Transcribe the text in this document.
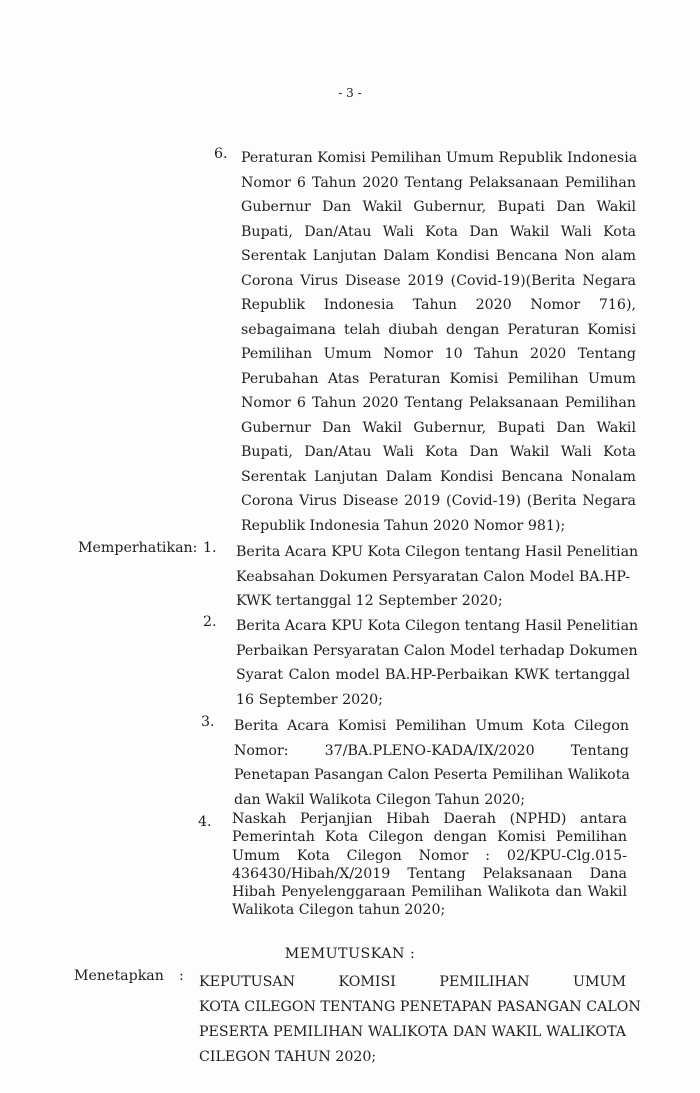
- 3 -
6. Peraturan Komisi Pemilihan Umum Republik Indonesia
Nomor 6 Tahun 2020 Tentang Pelaksanaan Pemilihan
Gubernur Dan Wakil Gubernur, Bupati Dan Wakil
Bupati, Dan/Atau Wali Kota Dan Wakil Wali Kota
Serentak Lanjutan Dalam Kondisi Bencana Non alam
Corona Virus Disease 2019 (Covid-19)(Berita Negara
Republik Indonesia Tahun 2020 Nomor 716),
sebagaimana telah diubah dengan Peraturan Komisi
Pemilihan Umum Nomor 10 Tahun 2020 Tentang
Perubahan Atas Peraturan Komisi Pemilihan Umum
Nomor 6 Tahun 2020 Tentang Pelaksanaan Pemilihan
Gubernur Dan Wakil Gubernur, Bupati Dan Wakil
Bupati, Dan/Atau Wali Kota Dan Wakil Wali Kota
Serentak Lanjutan Dalam Kondisi Bencana Nonalam
Corona Virus Disease 2019 (Covid-19) (Berita Negara
Republik Indonesia Tahun 2020 Nomor 981);
Memperhatikan: 1. Berita Acara KPU Kota Cilegon tentang Hasil Penelitian
Keabsahan Dokumen Persyaratan Calon Model BA.HP-
KWK tertanggal 12 September 2020;
2. Berita Acara KPU Kota Cilegon tentang Hasil Penelitian
Perbaikan Persyaratan Calon Model terhadap Dokumen
Syarat Calon model BA.HP-Perbaikan KWK tertanggal
16 September 2020;
3. Berita Acara Komisi Pemilihan Umum Kota Cilegon
Nomor: 37/BA.PLENO-KADA/IX/2020 Tentang
Penetapan Pasangan Calon Peserta Pemilihan Walikota
dan Wakil Walikota Cilegon Tahun 2020;
4. Naskah Perjanjian Hibah Daerah (NPHD) antara
Pemerintah Kota Cilegon dengan Komisi Pemilihan
Umum Kota Cilegon Nomor : 02/KPU-Clg.015-
436430/Hibah/X/2019 Tentang Pelaksanaan Dana
Hibah Penyelenggaraan Pemilihan Walikota dan Wakil
Walikota Cilegon tahun 2020;
MEMUTUSKAN :
Menetapkan : KEPUTUSAN KOMISI PEMILIHAN UMUM
KOTA CILEGON TENTANG PENETAPAN PASANGAN CALON
PESERTA PEMILIHAN WALIKOTA DAN WAKIL WALIKOTA
CILEGON TAHUN 2020;
